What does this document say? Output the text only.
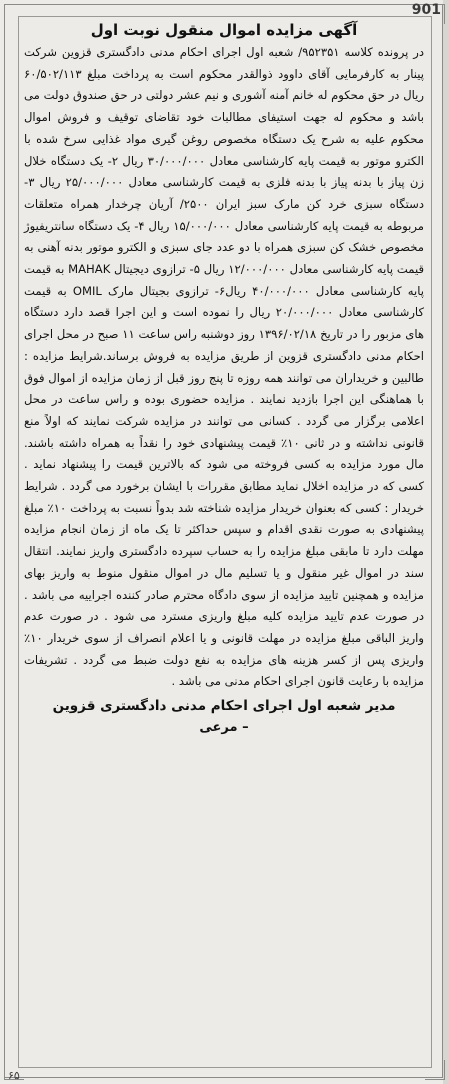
901
۶۵
آگهی مزایده اموال منقول نوبت اول

در پرونده کلاسه ۹۵۲۳۵۱/ شعبه اول اجرای احکام مدنی دادگستری قزوین شرکت پینار به کارفرمایی آقای داوود ذوالقدر محکوم است به پرداخت مبلغ ۶۰/۵۰۲/۱۱۳ ریال در حق محکوم له خانم آمنه آشوری و نیم عشر دولتی در حق صندوق دولت می باشد و محکوم له جهت استیفای مطالبات خود تقاضای توقیف و فروش اموال محکوم علیه به شرح یک دستگاه مخصوص روغن گیری مواد غذایی سرخ شده با الکترو موتور به قیمت پایه کارشناسی معادل ۳۰/۰۰۰/۰۰۰ ریال ۲- یک دستگاه خلال زن پیاز با بدنه پیاز با بدنه فلزی به قیمت کارشناسی معادل ۲۵/۰۰۰/۰۰۰ ریال ۳- دستگاه سبزی خرد کن مارک سبز ایران ۲۵۰۰/ آریان چرخدار همراه متعلقات مربوطه به قیمت پایه کارشناسی معادل ۱۵/۰۰۰/۰۰۰ ریال ۴- یک دستگاه سانتریفیوژ مخصوص خشک کن سبزی همراه با دو عدد جای سبزی و الکترو موتور بدنه آهنی به قیمت پایه کارشناسی معادل ۱۲/۰۰۰/۰۰۰ ریال ۵- ترازوی دیجیتال MAHAK به قیمت پایه کارشناسی معادل ۴۰/۰۰۰/۰۰۰ ریال۶- ترازوی بجیتال مارک OMIL به قیمت کارشناسی معادل ۲۰/۰۰۰/۰۰۰ ریال را نموده است و این اجرا قصد دارد دستگاه های مزبور را در تاریخ ۱۳۹۶/۰۲/۱۸ روز دوشنبه راس ساعت ۱۱ صبح در محل اجرای احکام مدنی دادگستری قزوین از طریق مزایده به فروش برساند.شرایط مزایده : طالبین و خریداران می توانند همه روزه تا پنج روز قبل از زمان مزایده از اموال فوق با هماهنگی این اجرا بازدید نمایند . مزایده حضوری بوده و راس ساعت در محل اعلامی برگزار می گردد . کسانی می توانند در مزایده شرکت نمایند که اولاً منع قانونی نداشته و در ثانی ۱۰٪ قیمت پیشنهادی خود را نقداً به همراه داشته باشند. مال مورد مزایده به کسی فروخته می شود که بالاترین قیمت را پیشنهاد نماید . کسی که در مزایده اخلال نماید مطابق مقررات با ایشان برخورد می گردد . شرایط خریدار : کسی که بعنوان خریدار مزایده شناخته شد بدواً نسبت به پرداخت ۱۰٪ مبلغ پیشنهادی به صورت نقدی اقدام و سپس حداکثر تا یک ماه از زمان انجام مزایده مهلت دارد تا مابقی مبلغ مزایده را به حساب سپرده دادگستری واریز نمایند. انتقال سند در اموال غیر منقول و یا تسلیم مال در اموال منقول منوط به واریز بهای مزایده و همچنین تایید مزایده از سوی دادگاه محترم صادر کننده اجراییه می باشد . در صورت عدم تایید مزایده کلیه مبلغ واریزی مسترد می شود . در صورت عدم واریز الباقی مبلغ مزایده در مهلت قانونی و یا اعلام انصراف از سوی خریدار ۱۰٪ واریزی پس از کسر هزینه های مزایده به نفع دولت ضبط می گردد . تشریفات مزایده با رعایت قانون اجرای احکام مدنی می باشد .

مدیر شعبه اول اجرای احکام مدنی دادگستری قزوین

– مرعی
